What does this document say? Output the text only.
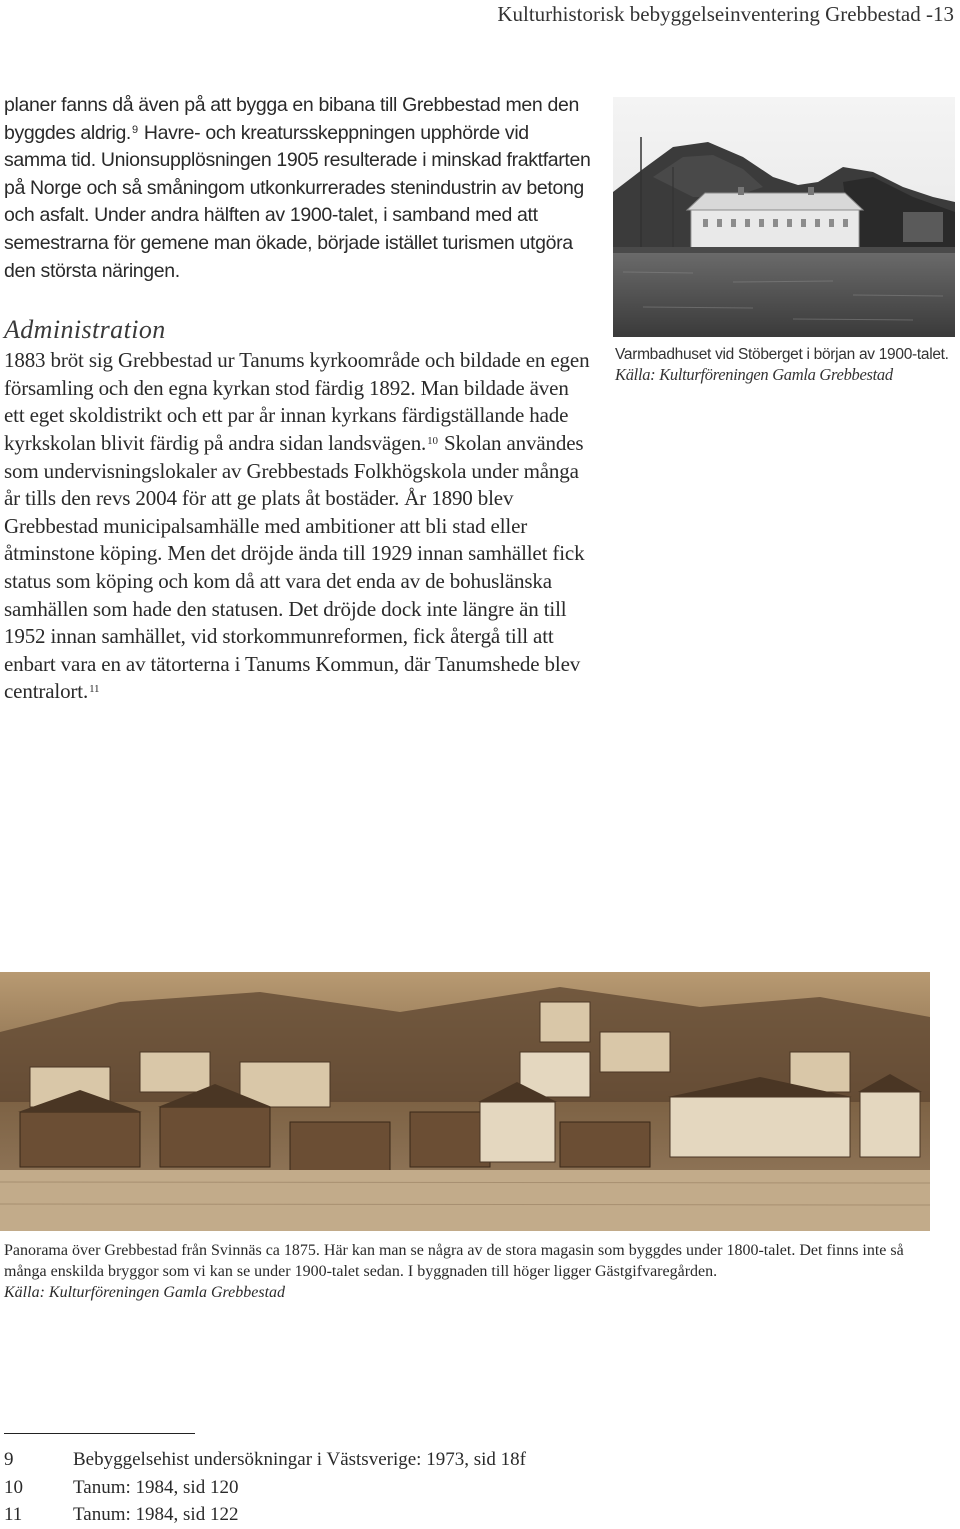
Kulturhistorisk bebyggelseinventering Grebbestad -13

planer fanns då även på att bygga en bibana till Grebbestad men den byggdes aldrig.$^9$ Havre- och kreatursskeppningen upphörde vid samma tid. Unionsupplösningen 1905 resulterade i minskad fraktfarten på Norge och så småningom utkonkurrerades stenindustrin av betong och asfalt. Under andra hälften av 1900-talet, i samband med att semestrarna för gemene man ökade, började istället turismen utgöra den största näringen.

Administration

1883 bröt sig Grebbestad ur Tanums kyrkoområde och bildade en egen församling och den egna kyrkan stod färdig 1892. Man bildade även ett eget skoldistrikt och ett par år innan kyrkans färdigställande hade kyrkskolan blivit färdig på andra sidan landsvägen.$^{10}$ Skolan användes som undervisningslokaler av Grebbestads Folkhögskola under många år tills den revs 2004 för att ge plats åt bostäder. År 1890 blev Grebbestad municipalsamhälle med ambitioner att bli stad eller åtminstone köping. Men det dröjde ända till 1929 innan samhället fick status som köping och kom då att vara det enda av de bohuslänska samhällen som hade den statusen. Det dröjde dock inte längre än till 1952 innan samhället, vid storkommunreformen, fick återgå till att enbart vara en av tätorterna i Tanums Kommun, där Tanumshede blev centralort.$^{11}$

Varmbadhuset vid Stöberget i början av 1900-talet. Källa: Kulturföreningen Gamla Grebbestad
Panorama över Grebbestad från Svinnäs ca 1875. Här kan man se några av de stora magasin som byggdes under 1800-talet. Det finns inte så många enskilda bryggor som vi kan se under 1900-talet sedan. I byggnaden till höger ligger Gästgifvaregården.
Källa: Kulturföreningen Gamla Grebbestad
9	Bebyggelsehist undersökningar i Västsverige: 1973, sid 18f
10	Tanum: 1984, sid 120
11	Tanum: 1984, sid 122
